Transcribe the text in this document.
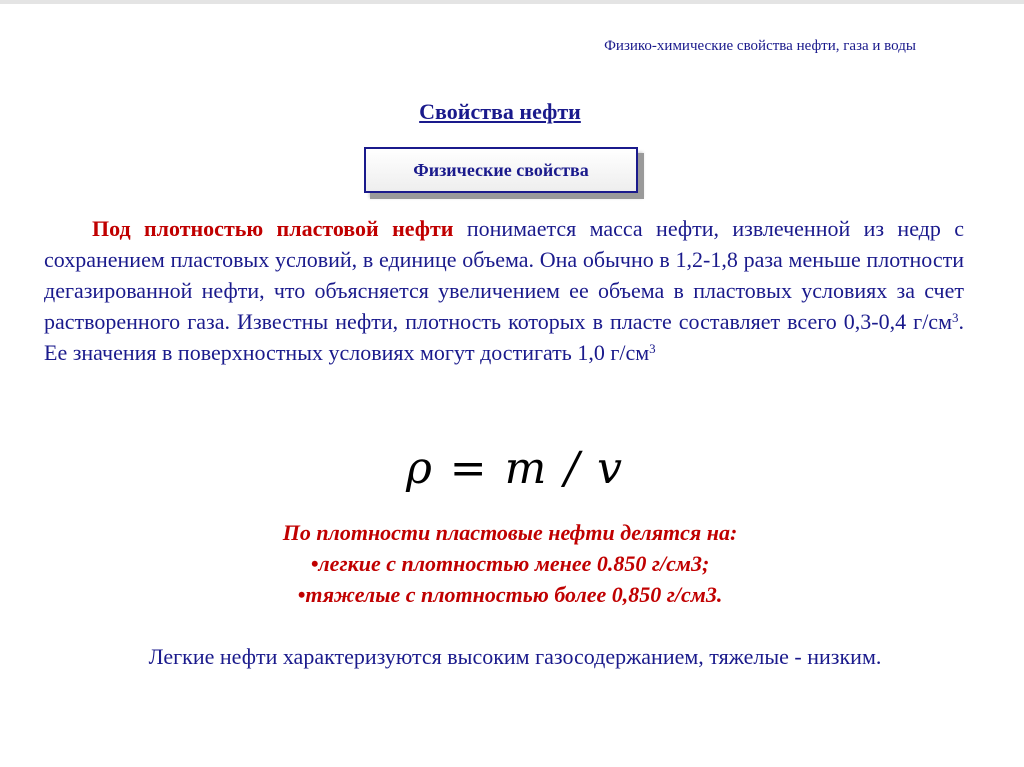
Физико-химические свойства нефти, газа и воды
Свойства нефти
Физические свойства

Под плотностью пластовой нефти понимается масса нефти, извлеченной из недр с сохранением пластовых условий, в единице объема. Она обычно в 1,2-1,8 раза меньше плотности дегазированной нефти, что объясняется увеличением ее объема в пластовых условиях за счет растворенного газа. Известны нефти, плотность которых в пласте составляет всего 0,3-0,4 $г/см^3$. Ее значения в поверхностных условиях могут достигать 1,0 $г/см^3$

ρ = m / v
По плотности пластовые нефти делятся на:
•легкие с плотностью менее 0.850 г/см3;
•тяжелые с плотностью более 0,850 г/см3.
Легкие нефти характеризуются высоким газосодержанием, тяжелые - низким.
